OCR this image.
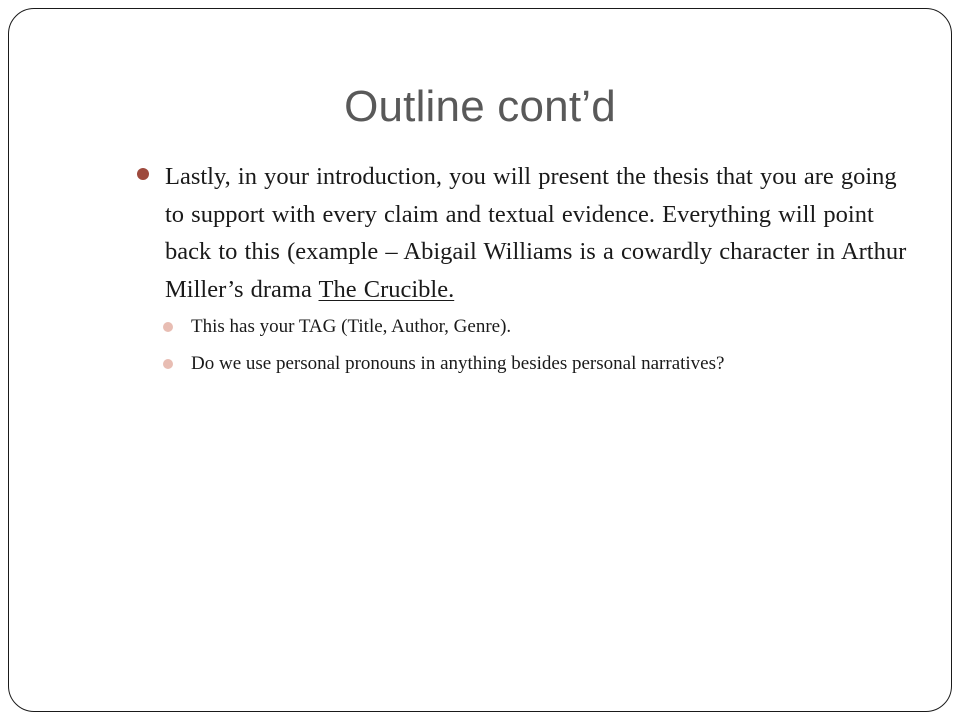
Outline cont’d
Lastly, in your introduction, you will present the thesis that you are going to support with every claim and textual evidence. Everything will point back to this (example – Abigail Williams is a cowardly character in Arthur Miller’s drama The Crucible.
This has your TAG (Title, Author, Genre).
Do we use personal pronouns in anything besides personal narratives?
